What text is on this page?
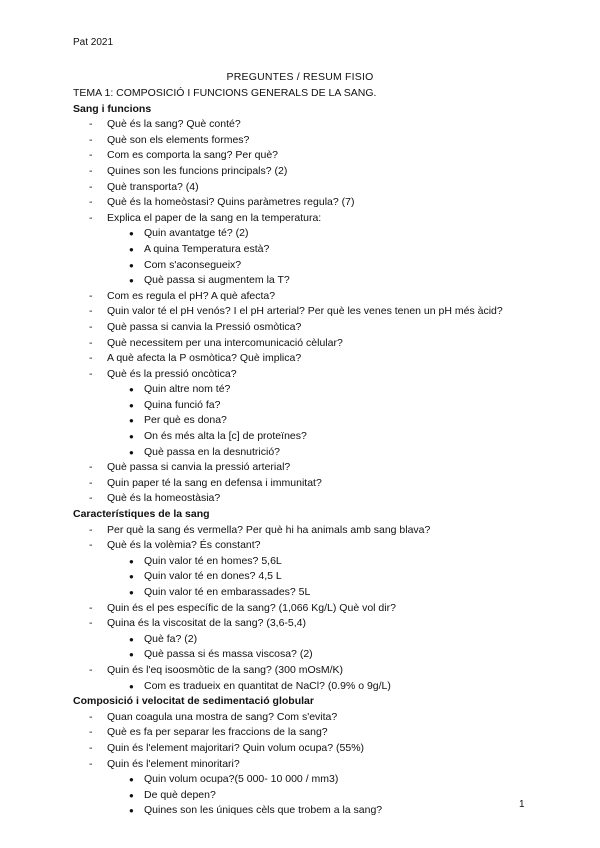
Pat 2021
PREGUNTES / RESUM FISIO
TEMA 1: COMPOSICIÓ I FUNCIONS GENERALS DE LA SANG.
Sang i funcions
-	Què és la sang? Què conté?
-	Què son els elements formes?
-	Com es comporta la sang? Per què?
-	Quines son les funcions principals? (2)
-	Què transporta? (4)
-	Què és la homeòstasi? Quins paràmetres regula? (7)
-	Explica el paper de la sang en la temperatura:
● Quin avantatge té? (2)
● A quina Temperatura està?
● Com s'aconsegueix?
● Què passa si augmentem la T?
-	Com es regula el pH? A què afecta?
-	Quin valor té el pH venós? I el pH arterial? Per què les venes tenen un pH més àcid?
-	Què passa si canvia la Pressió osmòtica?
-	Què necessitem per una intercomunicació cèlular?
-	A què afecta la P osmòtica? Què implica?
-	Què és la pressió oncòtica?
● Quin altre nom té?
● Quina funció fa?
● Per què es dona?
● On és més alta la [c] de proteïnes?
● Què passa en la desnutrició?
-	Què passa si canvia la pressió arterial?
-	Quin paper té la sang en defensa i immunitat?
-	Què és la homeostàsia?
Característiques de la sang
-	Per què la sang és vermella? Per què hi ha animals amb sang blava?
-	Què és la volèmia? És constant?
● Quin valor té en homes? 5,6L
● Quin valor té en dones? 4,5 L
● Quin valor té en embarassades? 5L
-	Quin és el pes específic de la sang? (1,066 Kg/L) Què vol dir?
-	Quina és la viscositat de la sang? (3,6-5,4)
● Què fa? (2)
● Què passa si és massa viscosa? (2)
-	Quin és l'eq isoosmòtic de la sang? (300 mOsM/K)
● Com es tradueix en quantitat de NaCl? (0.9% o 9g/L)
Composició i velocitat de sedimentació globular
-	Quan coagula una mostra de sang? Com s'evita?
-	Què es fa per separar les fraccions de la sang?
-	Quin és l'element majoritari? Quin volum ocupa? (55%)
-	Quin és l'element minoritari?
● Quin volum ocupa?(5 000- 10 000 / mm3)
● De què depen?
● Quines son les úniques cèls que trobem a la sang?	1
